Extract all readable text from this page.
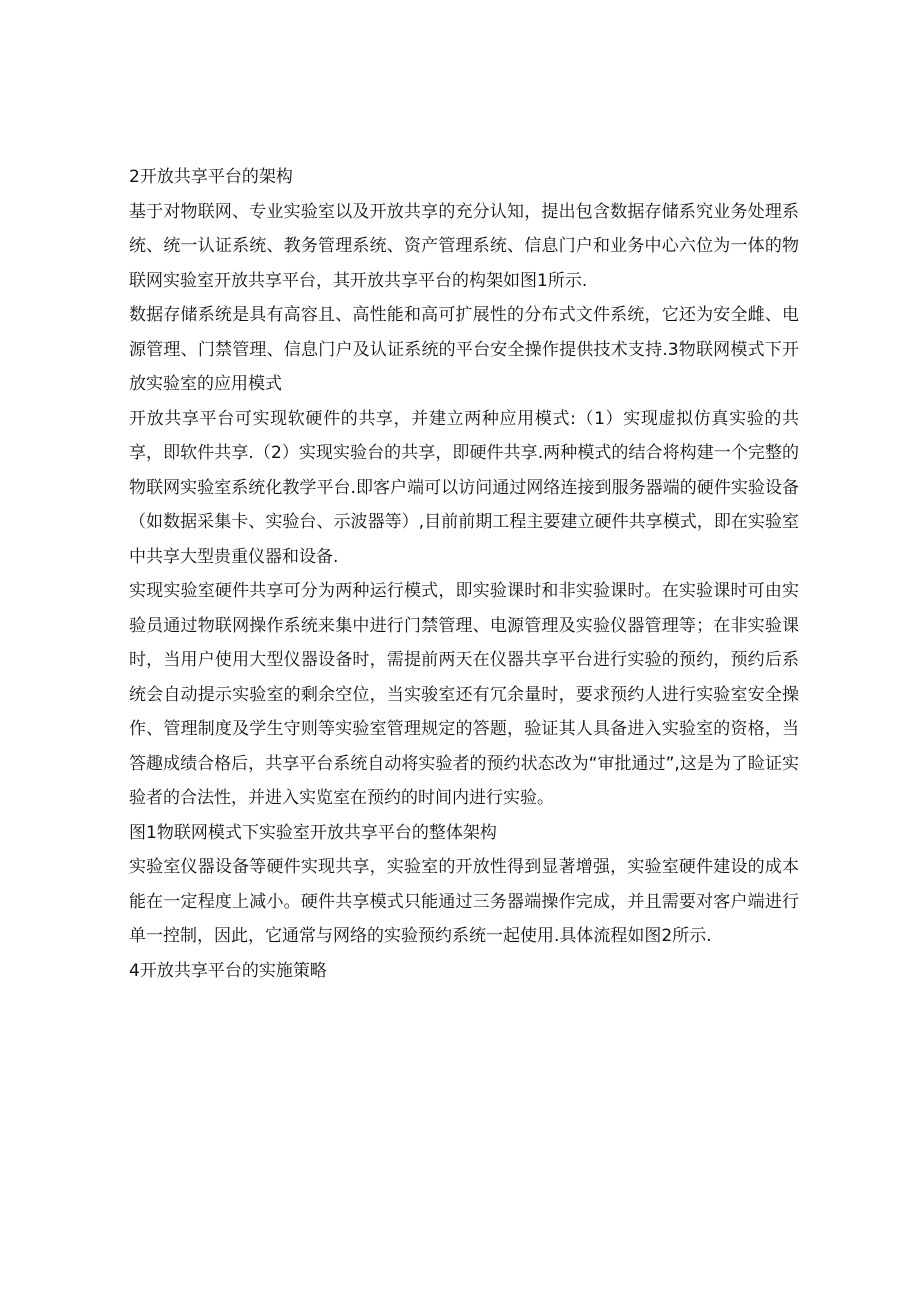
2开放共享平台的架构

基于对物联网、专业实验室以及开放共享的充分认知，提出包含数据存储系究业务处理系统、统一认证系统、教务管理系统、资产管理系统、信息门户和业务中心六位为一体的物联网实验室开放共享平台，其开放共享平台的构架如图1所示.

数据存储系统是具有高容且、高性能和高可扩展性的分布式文件系统，它还为安全雌、电源管理、门禁管理、信息门户及认证系统的平台安全操作提供技术支持.3物联网模式下开放实验室的应用模式

开放共享平台可实现软硬件的共享，并建立两种应用模式:（1）实现虚拟仿真实验的共享，即软件共享.（2）实现实验台的共享，即硬件共享.两种模式的结合将构建一个完整的物联网实验室系统化教学平台.即客户端可以访问通过网络连接到服务器端的硬件实验设备（如数据采集卡、实验台、示波器等）,目前前期工程主要建立硬件共享模式，即在实验室中共享大型贵重仪器和设备.

实现实验室硬件共享可分为两种运行模式，即实验课时和非实验课时。在实验课时可由实验员通过物联网操作系统来集中进行门禁管理、电源管理及实验仪器管理等；在非实验课时，当用户使用大型仪器设备时，需提前两天在仪器共享平台进行实验的预约，预约后系统会自动提示实验室的剩余空位，当实骏室还有冗余量时，要求预约人进行实验室安全操作、管理制度及学生守则等实验室管理规定的答题，验证其人具备进入实验室的资格，当答趣成绩合格后，共享平台系统自动将实验者的预约状态改为“审批通过”,这是为了睑证实验者的合法性，并进入实览室在预约的时间内进行实验。

图1物联网模式下实验室开放共享平台的整体架构

实验室仪器设备等硬件实现共享，实验室的开放性得到显著增强，实验室硬件建设的成本能在一定程度上减小。硬件共享模式只能通过三务器端操作完成，并且需要对客户端进行单一控制，因此，它通常与网络的实验预约系统一起使用.具体流程如图2所示.

4开放共享平台的实施策略
